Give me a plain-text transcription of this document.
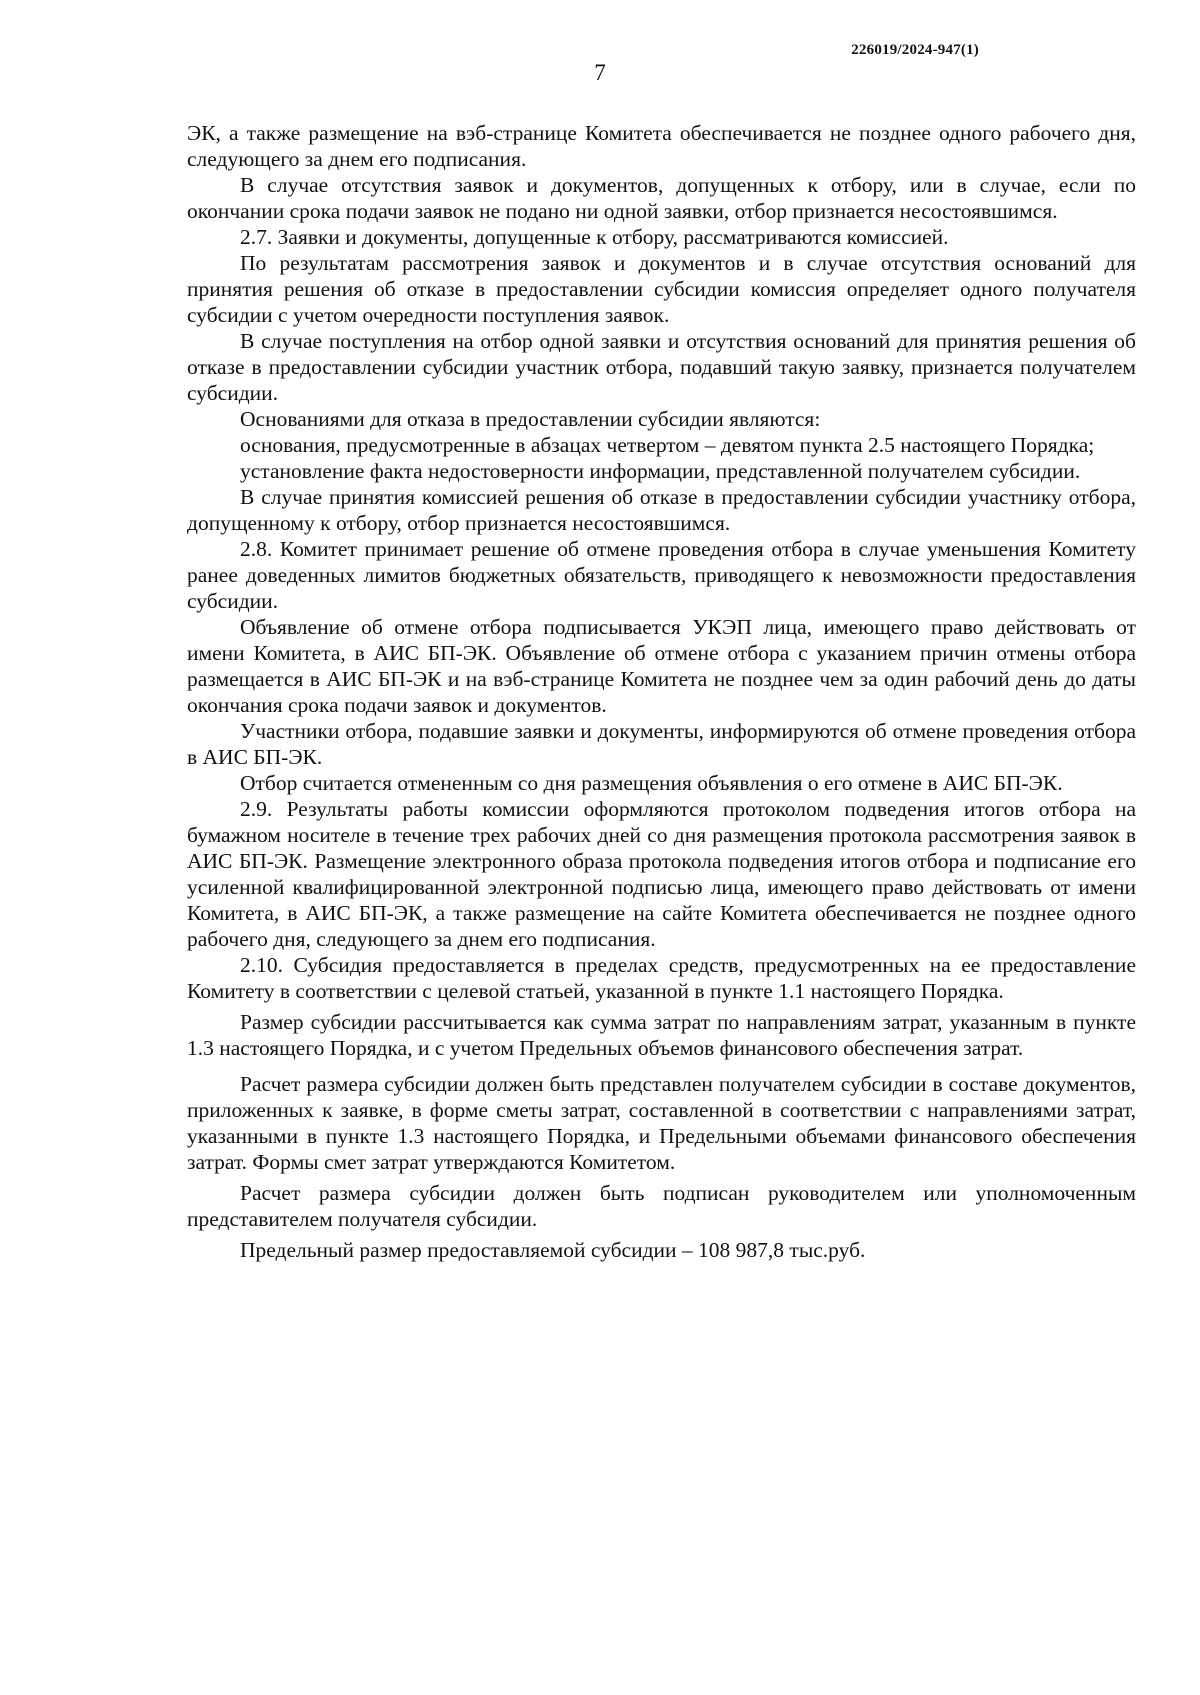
226019/2024-947(1)
7

ЭК, а также размещение на вэб-странице Комитета обеспечивается не позднее одного рабочего дня, следующего за днем его подписания.

В случае отсутствия заявок и документов, допущенных к отбору, или в случае, если по окончании срока подачи заявок не подано ни одной заявки, отбор признается несостоявшимся.

2.7. Заявки и документы, допущенные к отбору, рассматриваются комиссией.

По результатам рассмотрения заявок и документов и в случае отсутствия оснований для принятия решения об отказе в предоставлении субсидии комиссия определяет одного получателя субсидии с учетом очередности поступления заявок.

В случае поступления на отбор одной заявки и отсутствия оснований для принятия решения об отказе в предоставлении субсидии участник отбора, подавший такую заявку, признается получателем субсидии.

Основаниями для отказа в предоставлении субсидии являются:

основания, предусмотренные в абзацах четвертом – девятом пункта 2.5 настоящего Порядка;

установление факта недостоверности информации, представленной получателем субсидии.

В случае принятия комиссией решения об отказе в предоставлении субсидии участнику отбора, допущенному к отбору, отбор признается несостоявшимся.

2.8. Комитет принимает решение об отмене проведения отбора в случае уменьшения Комитету ранее доведенных лимитов бюджетных обязательств, приводящего к невозможности предоставления субсидии.

Объявление об отмене отбора подписывается УКЭП лица, имеющего право действовать от имени Комитета, в АИС БП-ЭК. Объявление об отмене отбора с указанием причин отмены отбора размещается в АИС БП-ЭК и на вэб-странице Комитета не позднее чем за один рабочий день до даты окончания срока подачи заявок и документов.

Участники отбора, подавшие заявки и документы, информируются об отмене проведения отбора в АИС БП-ЭК.

Отбор считается отмененным со дня размещения объявления о его отмене в АИС БП-ЭК.

2.9. Результаты работы комиссии оформляются протоколом подведения итогов отбора на бумажном носителе в течение трех рабочих дней со дня размещения протокола рассмотрения заявок в АИС БП-ЭК. Размещение электронного образа протокола подведения итогов отбора и подписание его усиленной квалифицированной электронной подписью лица, имеющего право действовать от имени Комитета, в АИС БП-ЭК, а также размещение на сайте Комитета обеспечивается не позднее одного рабочего дня, следующего за днем его подписания.

2.10. Субсидия предоставляется в пределах средств, предусмотренных на ее предоставление Комитету в соответствии с целевой статьей, указанной в пункте 1.1 настоящего Порядка.

Размер субсидии рассчитывается как сумма затрат по направлениям затрат, указанным в пункте 1.3 настоящего Порядка, и с учетом Предельных объемов финансового обеспечения затрат.

Расчет размера субсидии должен быть представлен получателем субсидии в составе документов, приложенных к заявке, в форме сметы затрат, составленной в соответствии с направлениями затрат, указанными в пункте 1.3 настоящего Порядка, и Предельными объемами финансового обеспечения затрат. Формы смет затрат утверждаются Комитетом.

Расчет размера субсидии должен быть подписан руководителем или уполномоченным представителем получателя субсидии.

Предельный размер предоставляемой субсидии – 108 987,8 тыс.руб.
